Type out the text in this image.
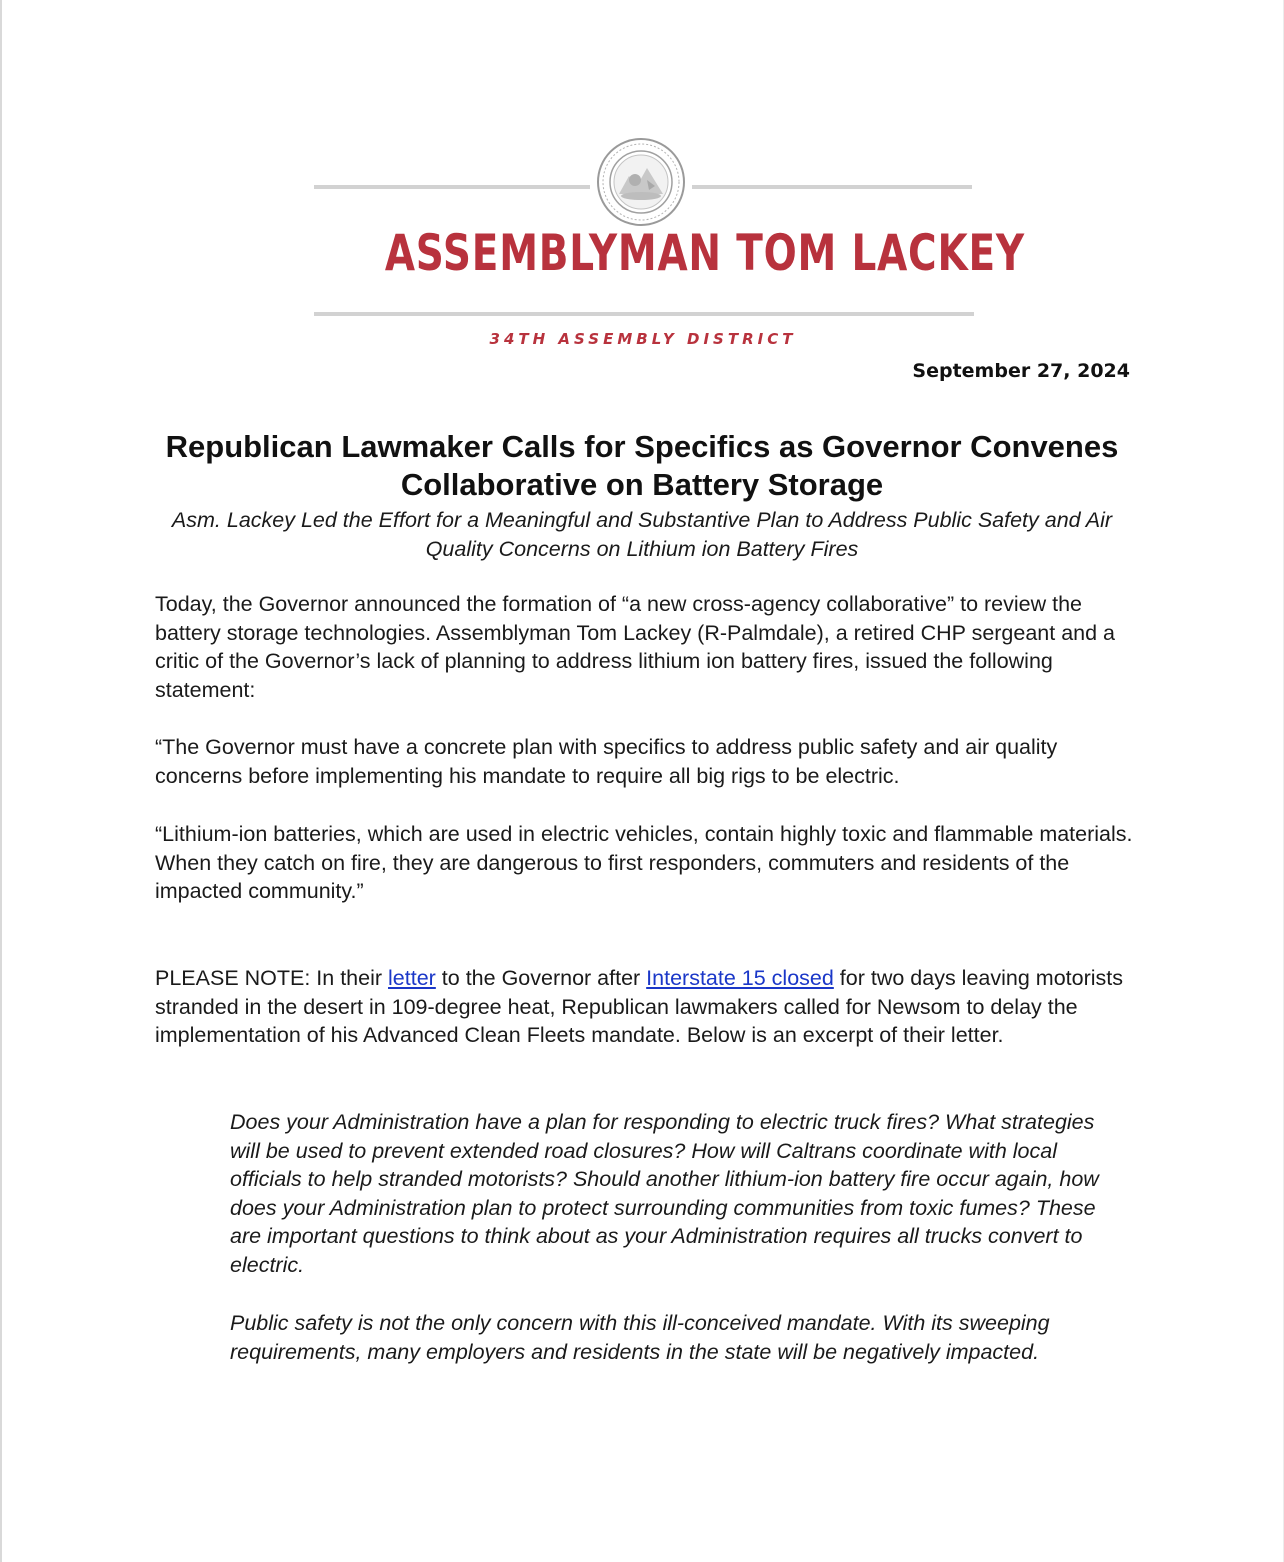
ASSEMBLYMAN TOM LACKEY
34TH ASSEMBLY DISTRICT
September 27, 2024
Republican Lawmaker Calls for Specifics as Governor Convenes Collaborative on Battery Storage

Asm. Lackey Led the Effort for a Meaningful and Substantive Plan to Address Public Safety and Air Quality Concerns on Lithium ion Battery Fires

Today, the Governor announced the formation of “a new cross-agency collaborative” to review the battery storage technologies. Assemblyman Tom Lackey (R-Palmdale), a retired CHP sergeant and a critic of the Governor’s lack of planning to address lithium ion battery fires, issued the following statement:

“The Governor must have a concrete plan with specifics to address public safety and air quality concerns before implementing his mandate to require all big rigs to be electric.

“Lithium-ion batteries, which are used in electric vehicles, contain highly toxic and flammable materials. When they catch on fire, they are dangerous to first responders, commuters and residents of the impacted community.”

PLEASE NOTE: In their letter to the Governor after Interstate 15 closed for two days leaving motorists stranded in the desert in 109-degree heat, Republican lawmakers called for Newsom to delay the implementation of his Advanced Clean Fleets mandate. Below is an excerpt of their letter.

Does your Administration have a plan for responding to electric truck fires? What strategies will be used to prevent extended road closures? How will Caltrans coordinate with local officials to help stranded motorists? Should another lithium-ion battery fire occur again, how does your Administration plan to protect surrounding communities from toxic fumes? These are important questions to think about as your Administration requires all trucks convert to electric.

Public safety is not the only concern with this ill-conceived mandate. With its sweeping requirements, many employers and residents in the state will be negatively impacted.
